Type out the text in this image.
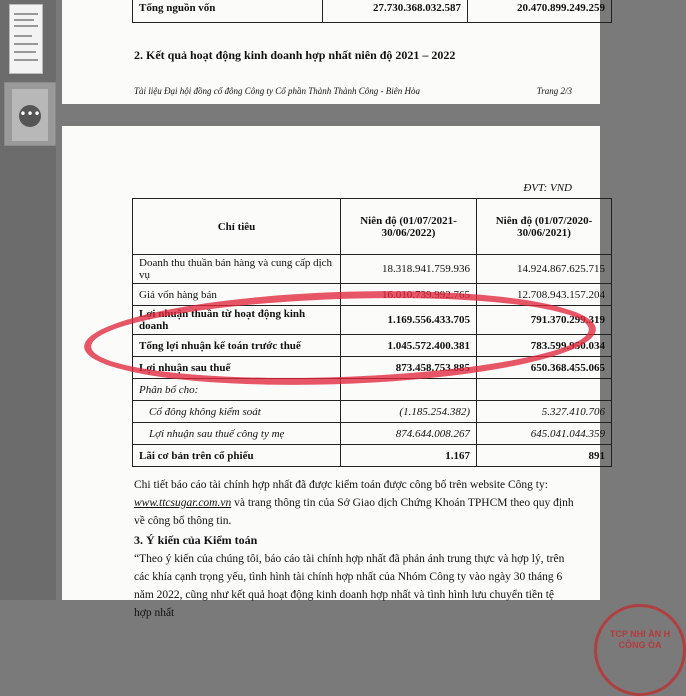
•••
Tổng nguồn vốn	27.730.368.032.587	20.470.899.249.259
2. Kết quả hoạt động kinh doanh hợp nhất niên độ 2021 – 2022
Tài liệu Đại hội đồng cổ đông Công ty Cổ phần Thành Thành Công - Biên Hòa	Trang 2/3
ĐVT: VND
Chỉ tiêu	Niên độ (01/07/2021- 30/06/2022)	Niên độ (01/07/2020- 30/06/2021)
Doanh thu thuần bán hàng và cung cấp dịch vụ	18.318.941.759.936	14.924.867.625.715
Giá vốn hàng bán	16.010.739.992.765	12.708.943.157.204
Lợi nhuận thuần từ hoạt động kinh doanh	1.169.556.433.705	791.370.299.319
Tổng lợi nhuận kế toán trước thuế	1.045.572.400.381	783.599.950.034
Lợi nhuận sau thuế	873.458.753.885	650.368.455.065
Phân bổ cho:		
Cổ đông không kiểm soát	(1.185.254.382)	5.327.410.706
Lợi nhuận sau thuế công ty mẹ	874.644.008.267	645.041.044.359
Lãi cơ bản trên cổ phiếu	1.167	891

Chi tiết báo cáo tài chính hợp nhất đã được kiểm toán được công bố trên website Công ty: www.ttcsugar.com.vn và trang thông tin của Sở Giao dịch Chứng Khoán TPHCM theo quy định về công bố thông tin.

3. Ý kiến của Kiểm toán

“Theo ý kiến của chúng tôi, báo cáo tài chính hợp nhất đã phản ánh trung thực và hợp lý, trên các khía cạnh trọng yếu, tình hình tài chính hợp nhất của Nhóm Công ty vào ngày 30 tháng 6 năm 2022, cũng như kết quả hoạt động kinh doanh hợp nhất và tình hình lưu chuyển tiền tệ hợp nhất

TCP NHI ẦN H CÔNG ÒA
